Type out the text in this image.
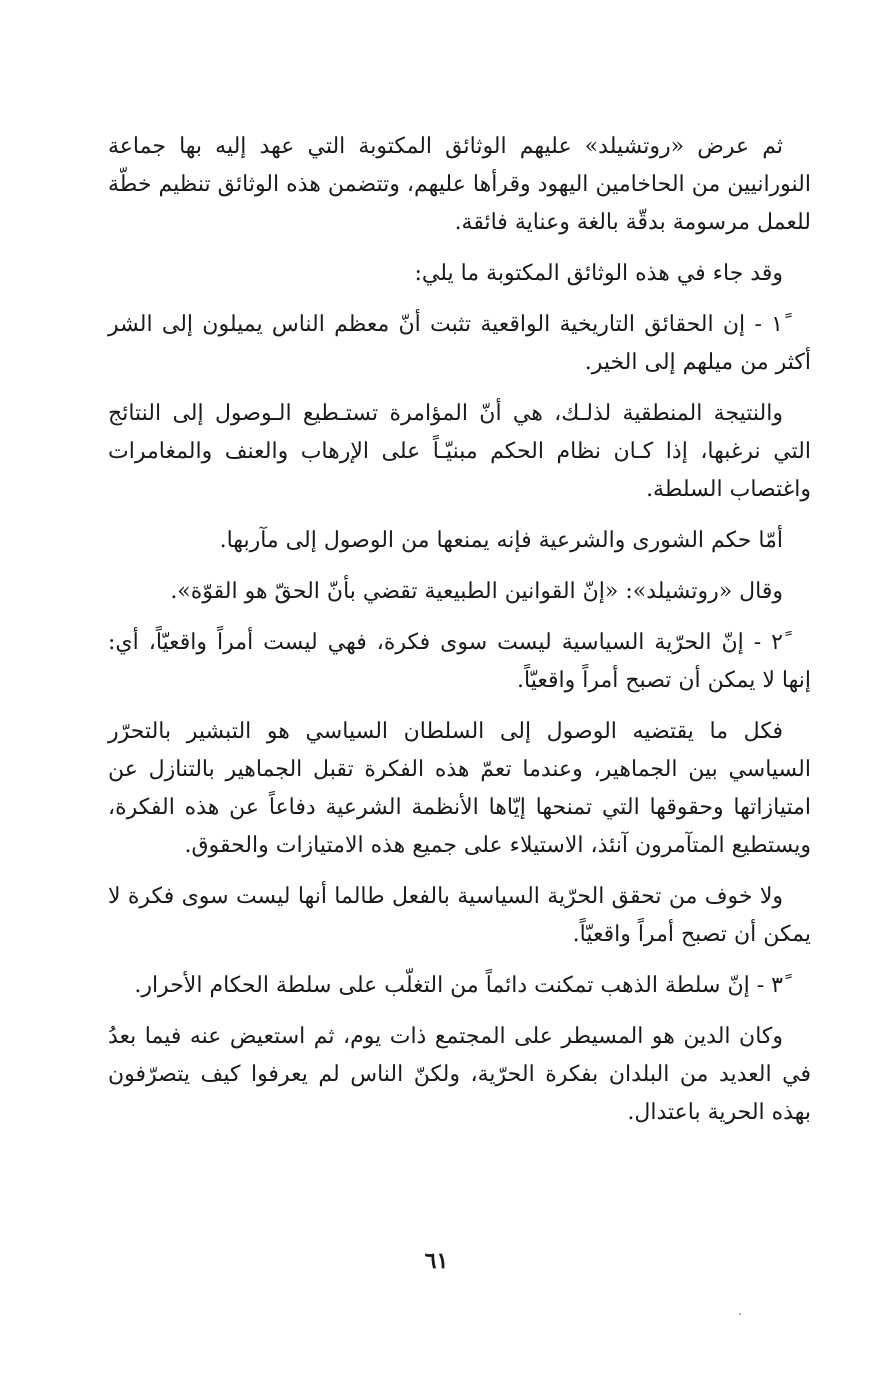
ثم عرض «روتشيلد» عليهم الوثائق المكتوبة التي عهد إليه بها جماعة النورانيين من الحاخامين اليهود وقرأها عليهم، وتتضمن هذه الوثائق تنظيم خطّة للعمل مرسومة بدقّة بالغة وعناية فائقة.

وقد جاء في هذه الوثائق المكتوبة ما يلي:

١ً - إن الحقائق التاريخية الواقعية تثبت أنّ معظم الناس يميلون إلى الشر أكثر من ميلهم إلى الخير.

والنتيجة المنطقية لذلـك، هي أنّ المؤامرة تستـطيع الـوصول إلى النتائج التي نرغبها، إذا كـان نظام الحكم مبنيّـاً على الإرهاب والعنف والمغامرات واغتصاب السلطة.

أمّا حكم الشورى والشرعية فإنه يمنعها من الوصول إلى مآربها.

وقال «روتشيلد»: «إنّ القوانين الطبيعية تقضي بأنّ الحقّ هو القوّة».

٢ً - إنّ الحرّية السياسية ليست سوى فكرة، فهي ليست أمراً واقعيّاً، أي: إنها لا يمكن أن تصبح أمراً واقعيّاً.

فكل ما يقتضيه الوصول إلى السلطان السياسي هو التبشير بالتحرّر السياسي بين الجماهير، وعندما تعمّ هذه الفكرة تقبل الجماهير بالتنازل عن امتيازاتها وحقوقها التي تمنحها إيّاها الأنظمة الشرعية دفاعاً عن هذه الفكرة، ويستطيع المتآمرون آنئذ، الاستيلاء على جميع هذه الامتيازات والحقوق.

ولا خوف من تحقق الحرّية السياسية بالفعل طالما أنها ليست سوى فكرة لا يمكن أن تصبح أمراً واقعيّاً.

٣ً - إنّ سلطة الذهب تمكنت دائماً من التغلّب على سلطة الحكام الأحرار.

وكان الدين هو المسيطر على المجتمع ذات يوم، ثم استعيض عنه فيما بعدُ في العديد من البلدان بفكرة الحرّية، ولكنّ الناس لم يعرفوا كيف يتصرّفون بهذه الحرية باعتدال.

٦١
